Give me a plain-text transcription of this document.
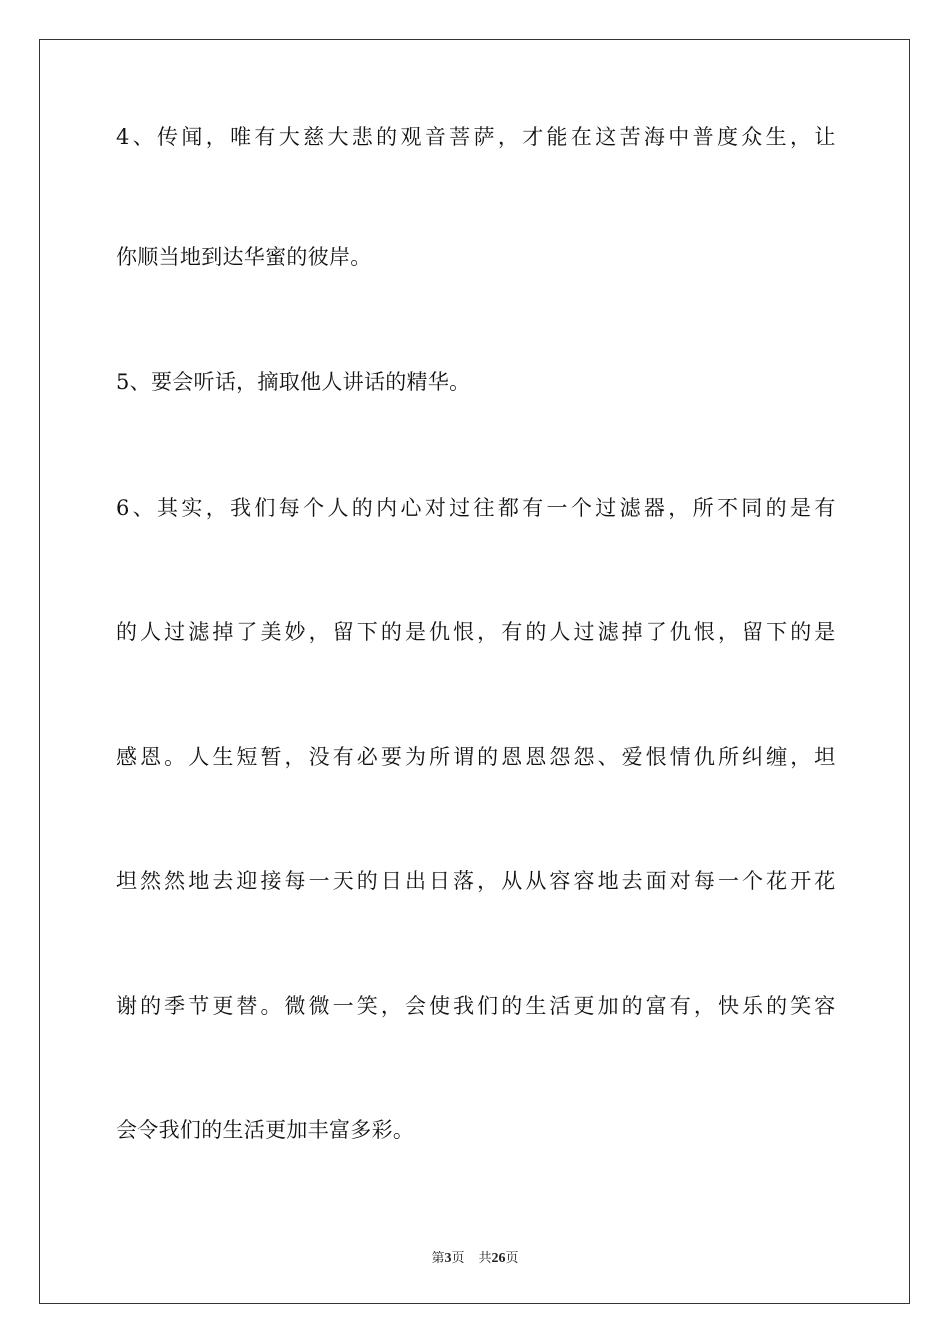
4 、 传 闻 ， 唯 有 大 慈 大 悲 的 观 音 菩 萨 ， 才 能 在 这 苦 海 中 普 度 众 生 ， 让
你顺当地到达华蜜的彼岸。
5、要会听话，摘取他人讲话的精华。
6 、 其 实 ， 我 们 每 个 人 的 内 心 对 过 往 都 有 一 个 过 滤 器 ， 所 不 同 的 是 有
的 人 过 滤 掉 了 美 妙 ， 留 下 的 是 仇 恨 ， 有 的 人 过 滤 掉 了 仇 恨 ， 留 下 的 是
感 恩 。 人 生 短 暂 ， 没 有 必 要 为 所 谓 的 恩 恩 怨 怨 、 爱 恨 情 仇 所 纠 缠 ， 坦
坦 然 然 地 去 迎 接 每 一 天 的 日 出 日 落 ， 从 从 容 容 地 去 面 对 每 一 个 花 开 花
谢 的 季 节 更 替 。 微 微 一 笑 ， 会 使 我 们 的 生 活 更 加 的 富 有 ， 快 乐 的 笑 容
会令我们的生活更加丰富多彩。
第3页 共26页
